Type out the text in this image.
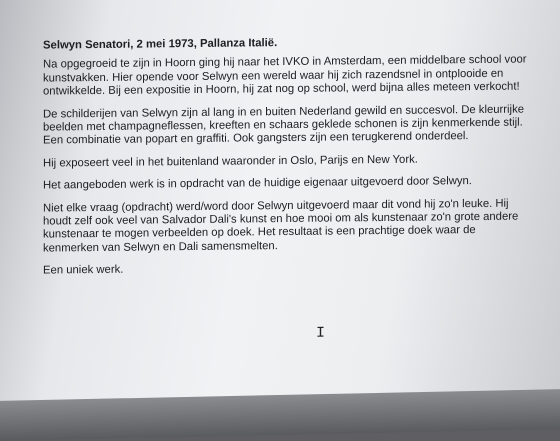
Selwyn Senatori, 2 mei 1973, Pallanza Italië.

Na opgegroeid te zijn in Hoorn ging hij naar het IVKO in Amsterdam, een middelbare school voor kunstvakken. Hier opende voor Selwyn een wereld waar hij zich razendsnel in ontplooide en ontwikkelde. Bij een expositie in Hoorn, hij zat nog op school, werd bijna alles meteen verkocht!

De schilderijen van Selwyn zijn al lang in en buiten Nederland gewild en succesvol. De kleurrijke beelden met champagneflessen, kreeften en schaars geklede schonen is zijn kenmerkende stijl. Een combinatie van popart en graffiti. Ook gangsters zijn een terugkerend onderdeel.

Hij exposeert veel in het buitenland waaronder in Oslo, Parijs en New York.

Het aangeboden werk is in opdracht van de huidige eigenaar uitgevoerd door Selwyn.

Niet elke vraag (opdracht) werd/word door Selwyn uitgevoerd maar dit vond hij zo'n leuke. Hij houdt zelf ook veel van Salvador Dali's kunst en hoe mooi om als kunstenaar zo'n grote andere kunstenaar te mogen verbeelden op doek. Het resultaat is een prachtige doek waar de kenmerken van Selwyn en Dali samensmelten.

Een uniek werk.

I
